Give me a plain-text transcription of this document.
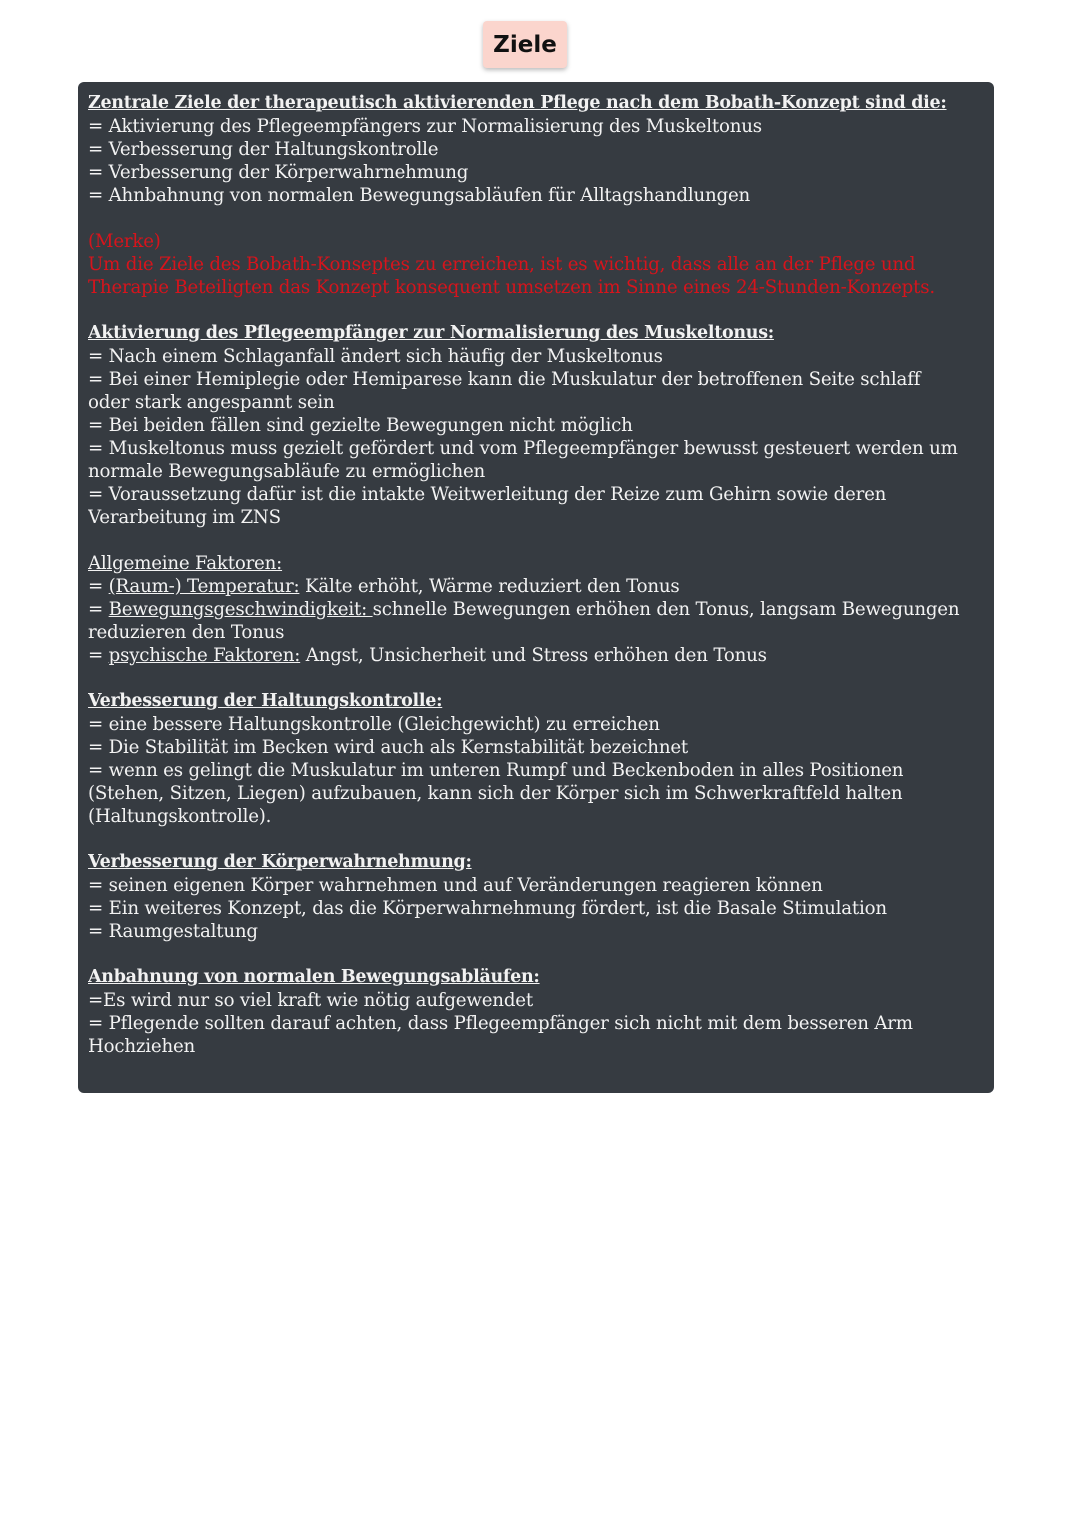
Ziele
Zentrale Ziele der therapeutisch aktivierenden Pflege nach dem Bobath-Konzept sind die:
= Aktivierung des Pflegeempfängers zur Normalisierung des Muskeltonus
= Verbesserung der Haltungskontrolle
= Verbesserung der Körperwahrnehmung
= Ahnbahnung von normalen Bewegungsabläufen für Alltagshandlungen
(Merke)
Um die Ziele des Bobath-Konseptes zu erreichen, ist es wichtig, dass alle an der Pflege und
Therapie Beteiligten das Konzept konsequent umsetzen im Sinne eines 24-Stunden-Konzepts.
Aktivierung des Pflegeempfänger zur Normalisierung des Muskeltonus:
= Nach einem Schlaganfall ändert sich häufig der Muskeltonus
= Bei einer Hemiplegie oder Hemiparese kann die Muskulatur der betroffenen Seite schlaff
oder stark angespannt sein
= Bei beiden fällen sind gezielte Bewegungen nicht möglich
= Muskeltonus muss gezielt gefördert und vom Pflegeempfänger bewusst gesteuert werden um
normale Bewegungsabläufe zu ermöglichen
= Voraussetzung dafür ist die intakte Weitwerleitung der Reize zum Gehirn sowie deren
Verarbeitung im ZNS
Allgemeine Faktoren:
= (Raum-) Temperatur: Kälte erhöht, Wärme reduziert den Tonus
= Bewegungsgeschwindigkeit: schnelle Bewegungen erhöhen den Tonus, langsam Bewegungen
reduzieren den Tonus
= psychische Faktoren: Angst, Unsicherheit und Stress erhöhen den Tonus
Verbesserung der Haltungskontrolle:
= eine bessere Haltungskontrolle (Gleichgewicht) zu erreichen
= Die Stabilität im Becken wird auch als Kernstabilität bezeichnet
= wenn es gelingt die Muskulatur im unteren Rumpf und Beckenboden in alles Positionen
(Stehen, Sitzen, Liegen) aufzubauen, kann sich der Körper sich im Schwerkraftfeld halten
(Haltungskontrolle).
Verbesserung der Körperwahrnehmung:
= seinen eigenen Körper wahrnehmen und auf Veränderungen reagieren können
= Ein weiteres Konzept, das die Körperwahrnehmung fördert, ist die Basale Stimulation
= Raumgestaltung
Anbahnung von normalen Bewegungsabläufen:
=Es wird nur so viel kraft wie nötig aufgewendet
= Pflegende sollten darauf achten, dass Pflegeempfänger sich nicht mit dem besseren Arm
Hochziehen
